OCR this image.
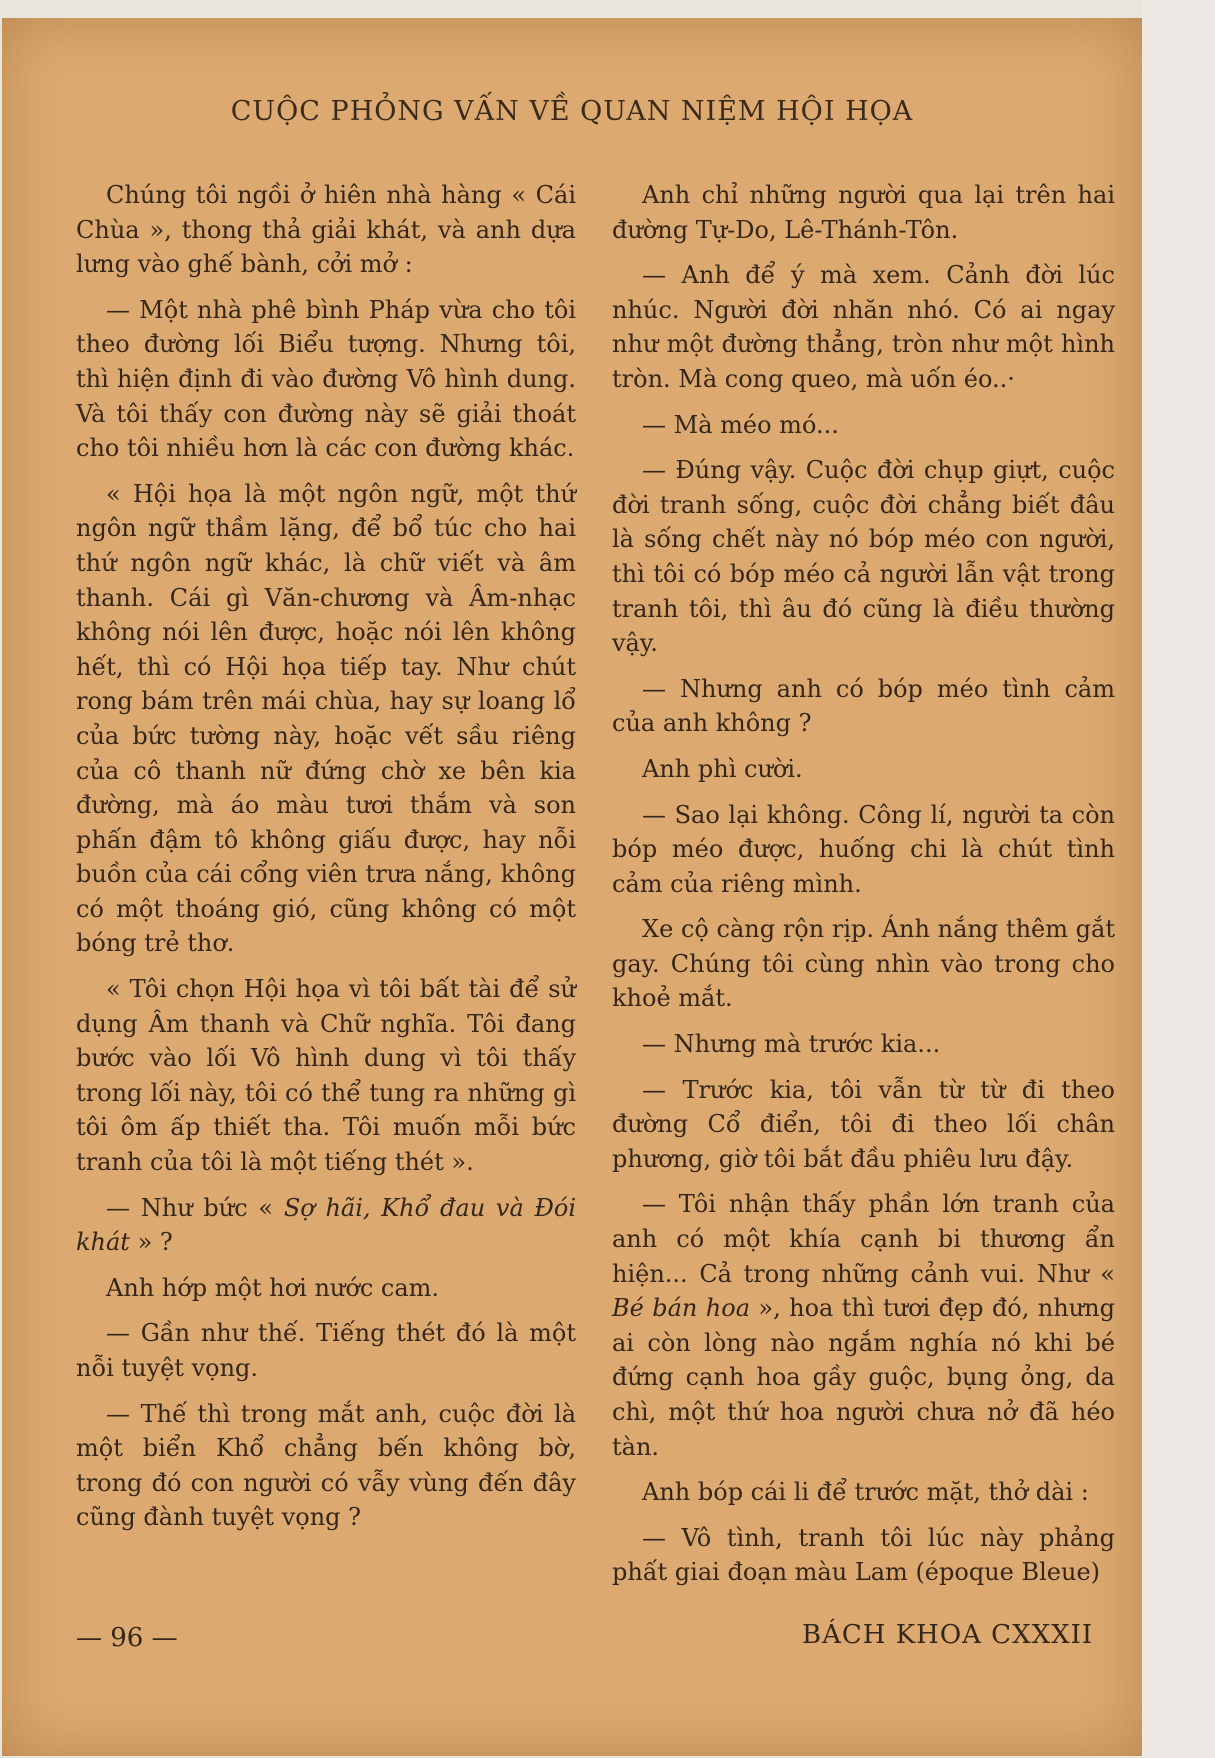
CUỘC PHỎNG VẤN VỀ QUAN NIỆM HỘI HỌA

Chúng tôi ngồi ở hiên nhà hàng « Cái Chùa », thong thả giải khát, và anh dựa lưng vào ghế bành, cởi mở :

— Một nhà phê bình Pháp vừa cho tôi theo đường lối Biểu tượng. Nhưng tôi, thì hiện định đi vào đường Vô hình dung. Và tôi thấy con đường này sẽ giải thoát cho tôi nhiều hơn là các con đường khác.

« Hội họa là một ngôn ngữ, một thứ ngôn ngữ thầm lặng, để bổ túc cho hai thứ ngôn ngữ khác, là chữ viết và âm thanh. Cái gì Văn-chương và Âm-nhạc không nói lên được, hoặc nói lên không hết, thì có Hội họa tiếp tay. Như chút rong bám trên mái chùa, hay sự loang lổ của bức tường này, hoặc vết sầu riêng của cô thanh nữ đứng chờ xe bên kia đường, mà áo màu tươi thắm và son phấn đậm tô không giấu được, hay nỗi buồn của cái cổng viên trưa nắng, không có một thoáng gió, cũng không có một bóng trẻ thơ.

« Tôi chọn Hội họa vì tôi bất tài để sử dụng Âm thanh và Chữ nghĩa. Tôi đang bước vào lối Vô hình dung vì tôi thấy trong lối này, tôi có thể tung ra những gì tôi ôm ấp thiết tha. Tôi muốn mỗi bức tranh của tôi là một tiếng thét ».

— Như bức « Sợ hãi, Khổ đau và Đói khát » ?

Anh hớp một hơi nước cam.

— Gần như thế. Tiếng thét đó là một nỗi tuyệt vọng.

— Thế thì trong mắt anh, cuộc đời là một biển Khổ chẳng bến không bờ, trong đó con người có vẫy vùng đến đây cũng đành tuyệt vọng ?

Anh chỉ những người qua lại trên hai đường Tự-Do, Lê-Thánh-Tôn.

— Anh để ý mà xem. Cảnh đời lúc nhúc. Người đời nhăn nhó. Có ai ngay như một đường thẳng, tròn như một hình tròn. Mà cong queo, mà uốn éo..·

— Mà méo mó...

— Đúng vậy. Cuộc đời chụp giựt, cuộc đời tranh sống, cuộc đời chẳng biết đâu là sống chết này nó bóp méo con người, thì tôi có bóp méo cả người lẫn vật trong tranh tôi, thì âu đó cũng là điều thường vậy.

— Nhưng anh có bóp méo tình cảm của anh không ?

Anh phì cười.

— Sao lại không. Công lí, người ta còn bóp méo được, huống chi là chút tình cảm của riêng mình.

Xe cộ càng rộn rịp. Ánh nắng thêm gắt gay. Chúng tôi cùng nhìn vào trong cho khoẻ mắt.

— Nhưng mà trước kia...

— Trước kia, tôi vẫn từ từ đi theo đường Cổ điển, tôi đi theo lối chân phương, giờ tôi bắt đầu phiêu lưu đậy.

— Tôi nhận thấy phần lớn tranh của anh có một khía cạnh bi thương ẩn hiện... Cả trong những cảnh vui. Như « Bé bán hoa », hoa thì tươi đẹp đó, nhưng ai còn lòng nào ngắm nghía nó khi bé đứng cạnh hoa gầy guộc, bụng ỏng, da chì, một thứ hoa người chưa nở đã héo tàn.

Anh bóp cái li để trước mặt, thở dài :

— Vô tình, tranh tôi lúc này phảng phất giai đoạn màu Lam (époque Bleue)

— 96 —	BÁCH KHOA CXXXII
